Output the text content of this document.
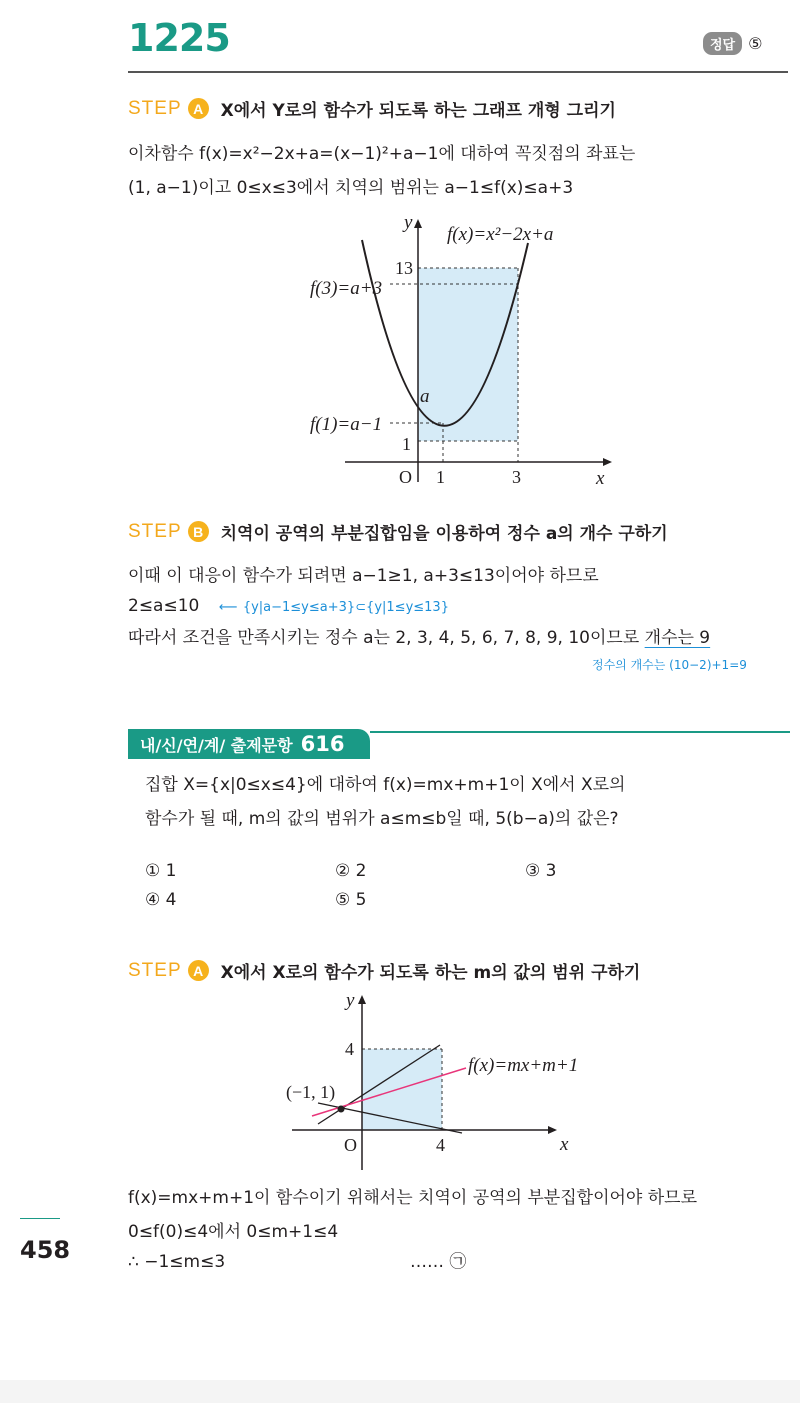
1225	정답 ⑤
STEP A	X에서 Y로의 함수가 되도록 하는 그래프 개형 그리기
이차함수 f(x)=x²−2x+a=(x−1)²+a−1에 대하여 꼭짓점의 좌표는
(1, a−1)이고 0≤x≤3에서 치역의 범위는 a−1≤f(x)≤a+3
y
x
O 1	3
13
f(3)=a+3
a
f(1)=a−1
1
f(x)=x²−2x+a
STEP B	치역이 공역의 부분집합임을 이용하여 정수 a의 개수 구하기
이때 이 대응이 함수가 되려면 a−1≥1, a+3≤13이어야 하므로
2≤a≤10 ⟵ {y|a−1≤y≤a+3}⊂{y|1≤y≤13}
따라서 조건을 만족시키는 정수 a는 2, 3, 4, 5, 6, 7, 8, 9, 10이므로 개수는 9
정수의 개수는 (10−2)+1=9
내/신/연/계/ 출제문항 616
집합 X={x|0≤x≤4}에 대하여 f(x)=mx+m+1이 X에서 X로의
함수가 될 때, m의 값의 범위가 a≤m≤b일 때, 5(b−a)의 값은?
① 1	② 2	③ 3
④ 4	⑤ 5
STEP A	X에서 X로의 함수가 되도록 하는 m의 값의 범위 구하기
y
x
O	4
4
(−1, 1)
f(x)=mx+m+1
f(x)=mx+m+1이 함수이기 위해서는 치역이 공역의 부분집합이어야 하므로
0≤f(0)≤4에서 0≤m+1≤4
∴ −1≤m≤3	…… ㉠
458
